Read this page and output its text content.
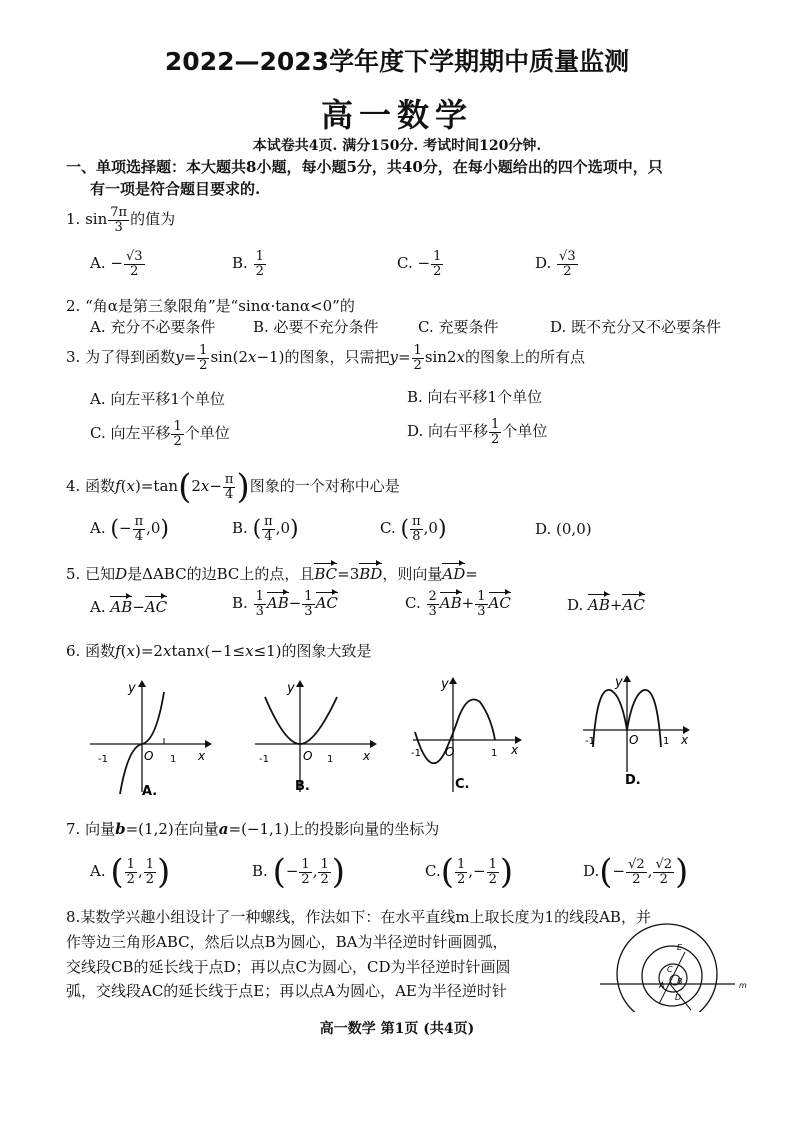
2022—2023学年度下学期期中质量监测
高一数学
本试卷共4页. 满分150分. 考试时间120分钟.
一、单项选择题：本大题共8小题，每小题5分，共40分，在每小题给出的四个选项中，只
有一项是符合题目要求的.
1. $\sin \frac{7\pi}{3}$ 的值为
A. − $\frac{√3}{2}$	B. $\frac{1}{2}$	C. − $\frac{1}{2}$	D. $\frac{√3}{2}$
2. “角α是第三象限角”是“sinα·tanα<0”的
A. 充分不必要条件	B. 必要不充分条件	C. 充要条件	D. 既不充分又不必要条件
3. 为了得到函数$y= \frac{1}{2} \sin(2x-1)$的图象，只需把$y= \frac{1}{2} \sin 2x$的图象上的所有点
A. 向左平移1个单位	B. 向右平移1个单位
C. 向左平移 $\frac{1}{2}$ 个单位	D. 向右平移 $\frac{1}{2}$ 个单位
4. 函数$f(x)=\tan(2x- \frac{\pi}{4}$ )图象的一个对称中心是
A. (− $\frac{\pi}{4} ,0$)	B. ( $\frac{\pi}{4} ,0$)	C. ( $\frac{\pi}{8} ,0$)	D. (0,0)
5. 已知D是ΔABC的边BC上的点，且BC=3BD，则向量AD=
A. AB−AC	B. $\frac{1}{3} AB- \frac{1}{3}$ AC	C. $\frac{2}{3} AB+ \frac{1}{3}$ AC	D. AB+AC
6. 函数f(x)=2xtanx(−1≤x≤1)的图象大致是
y
x
O
-1	1
y
x
O
-1	1
y
x
O
-1	1
y
x
O
-1	1
A.	B.	C.	D.
7. 向量b=(1,2)在向量a=(−1,1)上的投影向量的坐标为
A. ( $\frac{1}{2}$ , $\frac{1}{2}$ )	B. (− $\frac{1}{2}$ , $\frac{1}{2}$ )	$C.( \frac{1}{2}$ ,− $\frac{1}{2}$ )	$D.(- \frac{√2}{2}$ , $\frac{√2}{2}$ )
8.某数学兴趣小组设计了一种螺线，作法如下：在水平直线m上取长度为1的线段AB，并
作等边三角形ABC，然后以点B为圆心，BA为半径逆时针画圆弧，
交线段CB的延长线于点D；再以点C为圆心，CD为半径逆时针画圆
弧，交线段AC的延长线于点E；再以点A为圆心，AE为半径逆时针
E
C
A B
D
m
高一数学 第1页 (共4页)
